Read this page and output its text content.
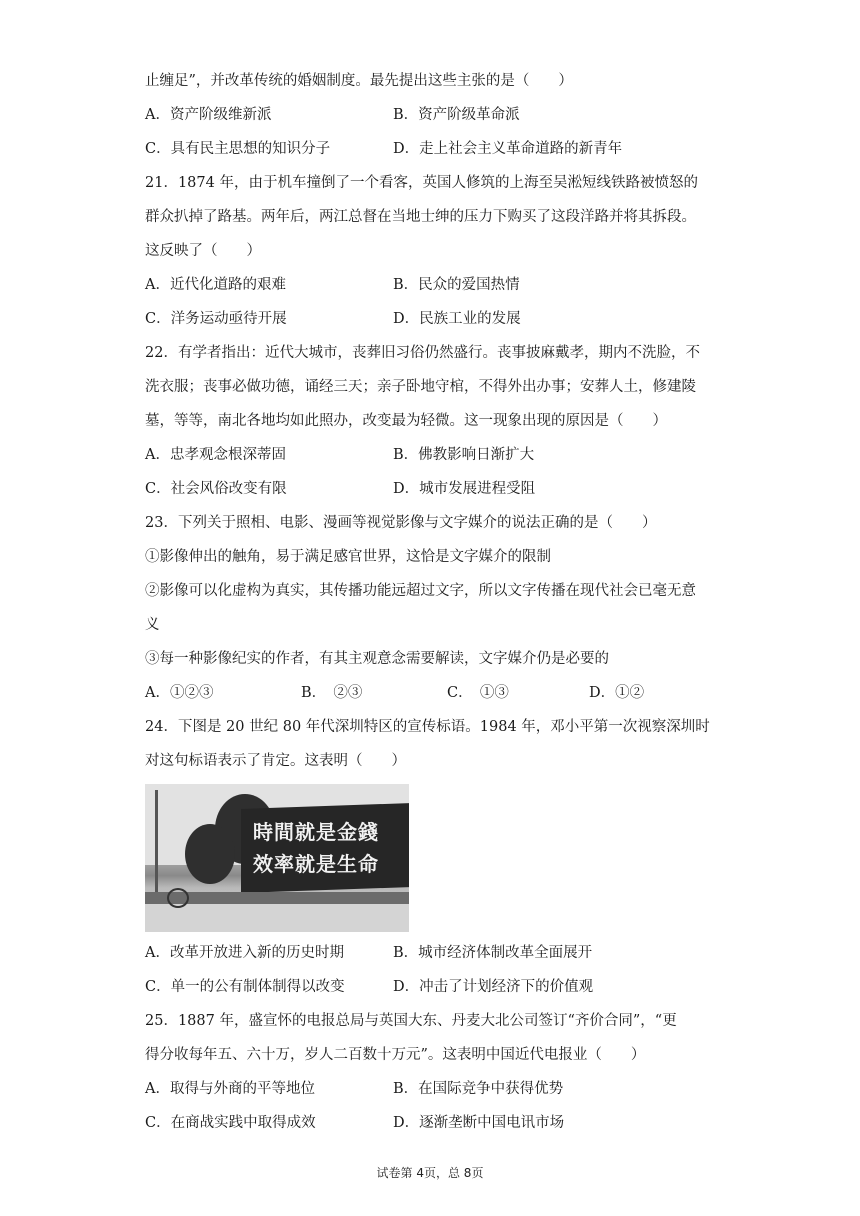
止缠足”，并改革传统的婚姻制度。最先提出这些主张的是（　　）
A．资产阶级维新派	B．资产阶级革命派
C．具有民主思想的知识分子	D．走上社会主义革命道路的新青年
21．1874 年，由于机车撞倒了一个看客，英国人修筑的上海至吴淞短线铁路被愤怒的
群众扒掉了路基。两年后，两江总督在当地士绅的压力下购买了这段洋路并将其拆段。
这反映了（　　）
A．近代化道路的艰难	B．民众的爱国热情
C．洋务运动亟待开展	D．民族工业的发展
22．有学者指出：近代大城市，丧葬旧习俗仍然盛行。丧事披麻戴孝，期内不洗脸，不
洗衣服；丧事必做功德，诵经三天；亲子卧地守棺，不得外出办事；安葬人土，修建陵
墓，等等，南北各地均如此照办，改变最为轻微。这一现象出现的原因是（　　）
A．忠孝观念根深蒂固	B．佛教影响日渐扩大
C．社会风俗改变有限	D．城市发展进程受阻
23．下列关于照相、电影、漫画等视觉影像与文字媒介的说法正确的是（　　）
①影像伸出的触角，易于满足感官世界，这恰是文字媒介的限制
②影像可以化虚构为真实，其传播功能远超过文字，所以文字传播在现代社会已毫无意
义
③每一种影像纪实的作者，有其主观意念需要解读，文字媒介仍是必要的
A．①②③	B．　②③	C．　①③	D．①②
24．下图是 20 世纪 80 年代深圳特区的宣传标语。1984 年，邓小平第一次视察深圳时
对这句标语表示了肯定。这表明（　　）
時間就是金錢
效率就是生命
A．改革开放进入新的历史时期	B．城市经济体制改革全面展开
C．单一的公有制体制得以改变	D．冲击了计划经济下的价值观
25．1887 年，盛宣怀的电报总局与英国大东、丹麦大北公司签订“齐价合同”，“更
得分收每年五、六十万，岁人二百数十万元”。这表明中国近代电报业（　　）
A．取得与外商的平等地位	B．在国际竞争中获得优势
C．在商战实践中取得成效	D．逐渐垄断中国电讯市场
试卷第 4页，总 8页
